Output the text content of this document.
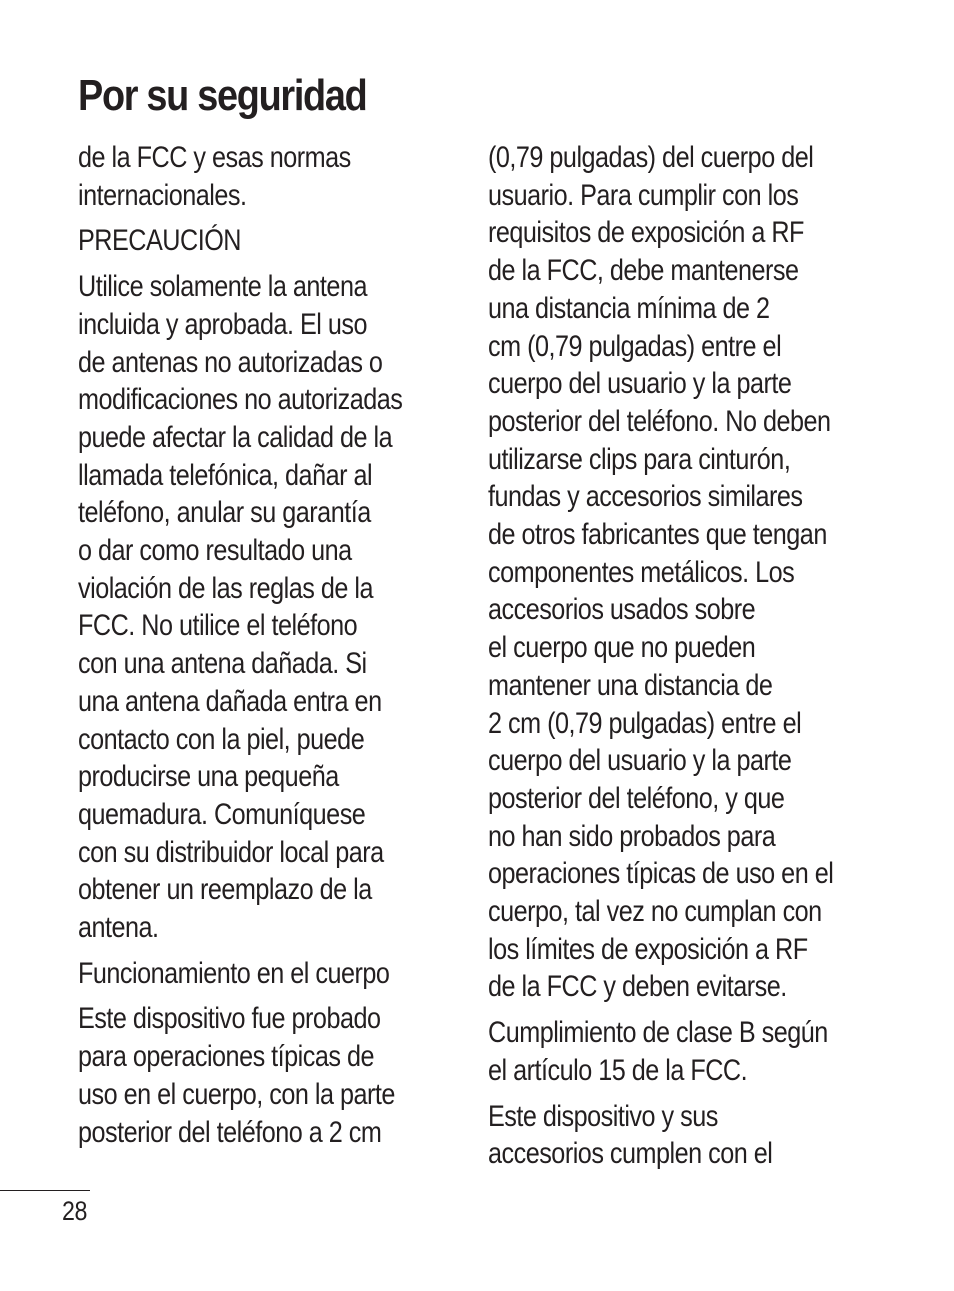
Por su seguridad

de la FCC y esas normas
internacionales.

PRECAUCIÓN

Utilice solamente la antena
incluida y aprobada. El uso
de antenas no autorizadas o
modificaciones no autorizadas
puede afectar la calidad de la
llamada telefónica, dañar al
teléfono, anular su garantía
o dar como resultado una
violación de las reglas de la
FCC. No utilice el teléfono
con una antena dañada. Si
una antena dañada entra en
contacto con la piel, puede
producirse una pequeña
quemadura. Comuníquese
con su distribuidor local para
obtener un reemplazo de la
antena.

Funcionamiento en el cuerpo

Este dispositivo fue probado
para operaciones típicas de
uso en el cuerpo, con la parte
posterior del teléfono a 2 cm

(0,79 pulgadas) del cuerpo del
usuario. Para cumplir con los
requisitos de exposición a RF
de la FCC, debe mantenerse
una distancia mínima de 2
cm (0,79 pulgadas) entre el
cuerpo del usuario y la parte
posterior del teléfono. No deben
utilizarse clips para cinturón,
fundas y accesorios similares
de otros fabricantes que tengan
componentes metálicos. Los
accesorios usados sobre
el cuerpo que no pueden
mantener una distancia de
2 cm (0,79 pulgadas) entre el
cuerpo del usuario y la parte
posterior del teléfono, y que
no han sido probados para
operaciones típicas de uso en el
cuerpo, tal vez no cumplan con
los límites de exposición a RF
de la FCC y deben evitarse.

Cumplimiento de clase B según
el artículo 15 de la FCC.

Este dispositivo y sus
accesorios cumplen con el

28
